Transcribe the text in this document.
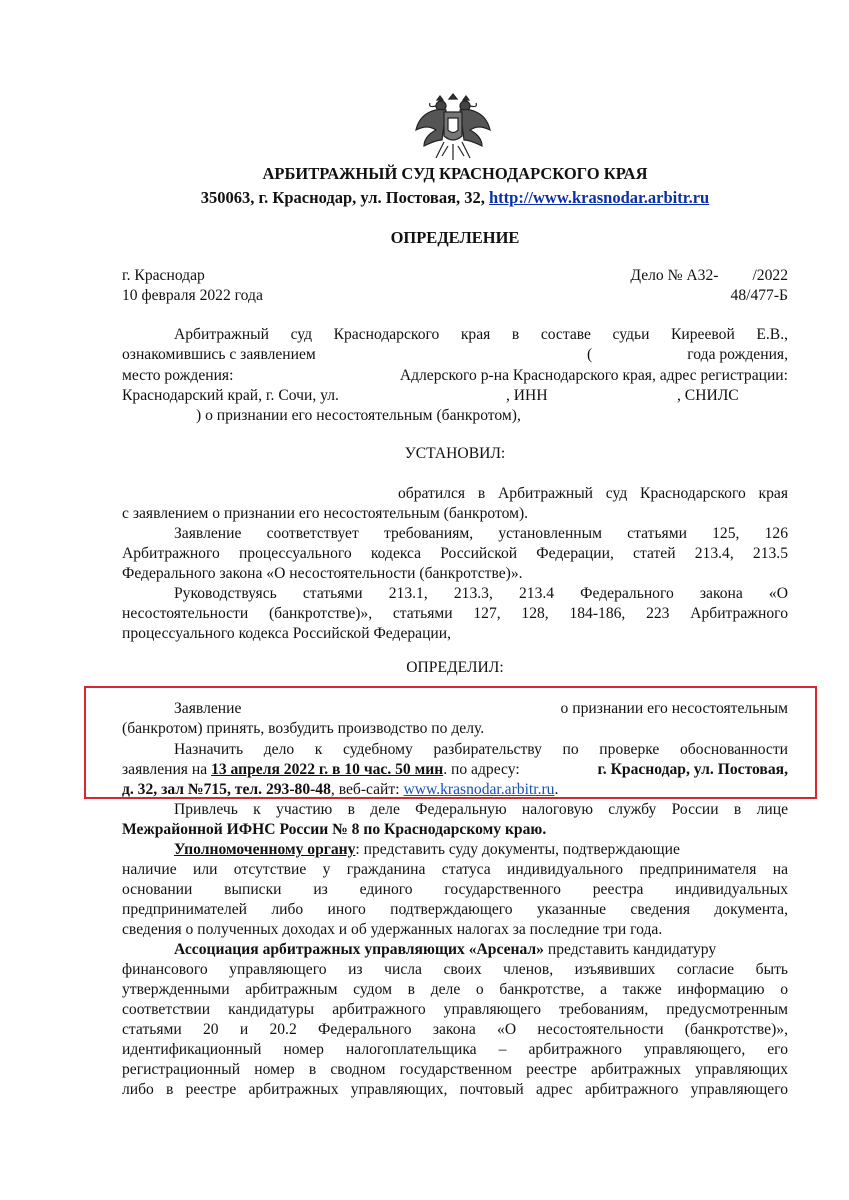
АРБИТРАЖНЫЙ СУД КРАСНОДАРСКОГО КРАЯ
350063, г. Краснодар, ул. Постовая, 32, http://www.krasnodar.arbitr.ru
ОПРЕДЕЛЕНИЕ
г. Краснодар	Дело № А32- /2022
10 февраля 2022 года	48/477-Б
Арбитражный суд Краснодарского края в составе судьи Киреевой Е.В.,
ознакомившись с заявлением	(	года рождения,
место рождения:	Адлерского р-на Краснодарского края, адрес регистрации:
Краснодарский край, г. Сочи, ул.	, ИНН	, СНИЛС
) о признании его несостоятельным (банкротом),
УСТАНОВИЛ:
обратился в Арбитражный суд Краснодарского края
с заявлением о признании его несостоятельным (банкротом).
Заявление соответствует требованиям, установленным статьями 125, 126
Арбитражного процессуального кодекса Российской Федерации, статей 213.4, 213.5
Федерального закона «О несостоятельности (банкротстве)».
Руководствуясь статьями 213.1, 213.3, 213.4 Федерального закона «О
несостоятельности (банкротстве)», статьями 127, 128, 184-186, 223 Арбитражного
процессуального кодекса Российской Федерации,
ОПРЕДЕЛИЛ:
Заявление	о признании его несостоятельным
(банкротом) принять, возбудить производство по делу.
Назначить дело к судебному разбирательству по проверке обоснованности
заявления на 13 апреля 2022 г. в 10 час. 50 мин. по адресу:	г. Краснодар, ул. Постовая,
д. 32, зал №715, тел. 293-80-48, веб-сайт: www.krasnodar.arbitr.ru.
Привлечь к участию в деле Федеральную налоговую службу России в лице
Межрайонной ИФНС России № 8 по Краснодарскому краю.
Уполномоченному органу: представить суду документы, подтверждающие
наличие или отсутствие у гражданина статуса индивидуального предпринимателя на
основании выписки из единого государственного реестра индивидуальных
предпринимателей либо иного подтверждающего указанные сведения документа,
сведения о полученных доходах и об удержанных налогах за последние три года.
Ассоциация арбитражных управляющих «Арсенал» представить кандидатуру
финансового управляющего из числа своих членов, изъявивших согласие быть
утвержденными арбитражным судом в деле о банкротстве, а также информацию о
соответствии кандидатуры арбитражного управляющего требованиям, предусмотренным
статьями 20 и 20.2 Федерального закона «О несостоятельности (банкротстве)»,
идентификационный номер налогоплательщика – арбитражного управляющего, его
регистрационный номер в сводном государственном реестре арбитражных управляющих
либо в реестре арбитражных управляющих, почтовый адрес арбитражного управляющего
